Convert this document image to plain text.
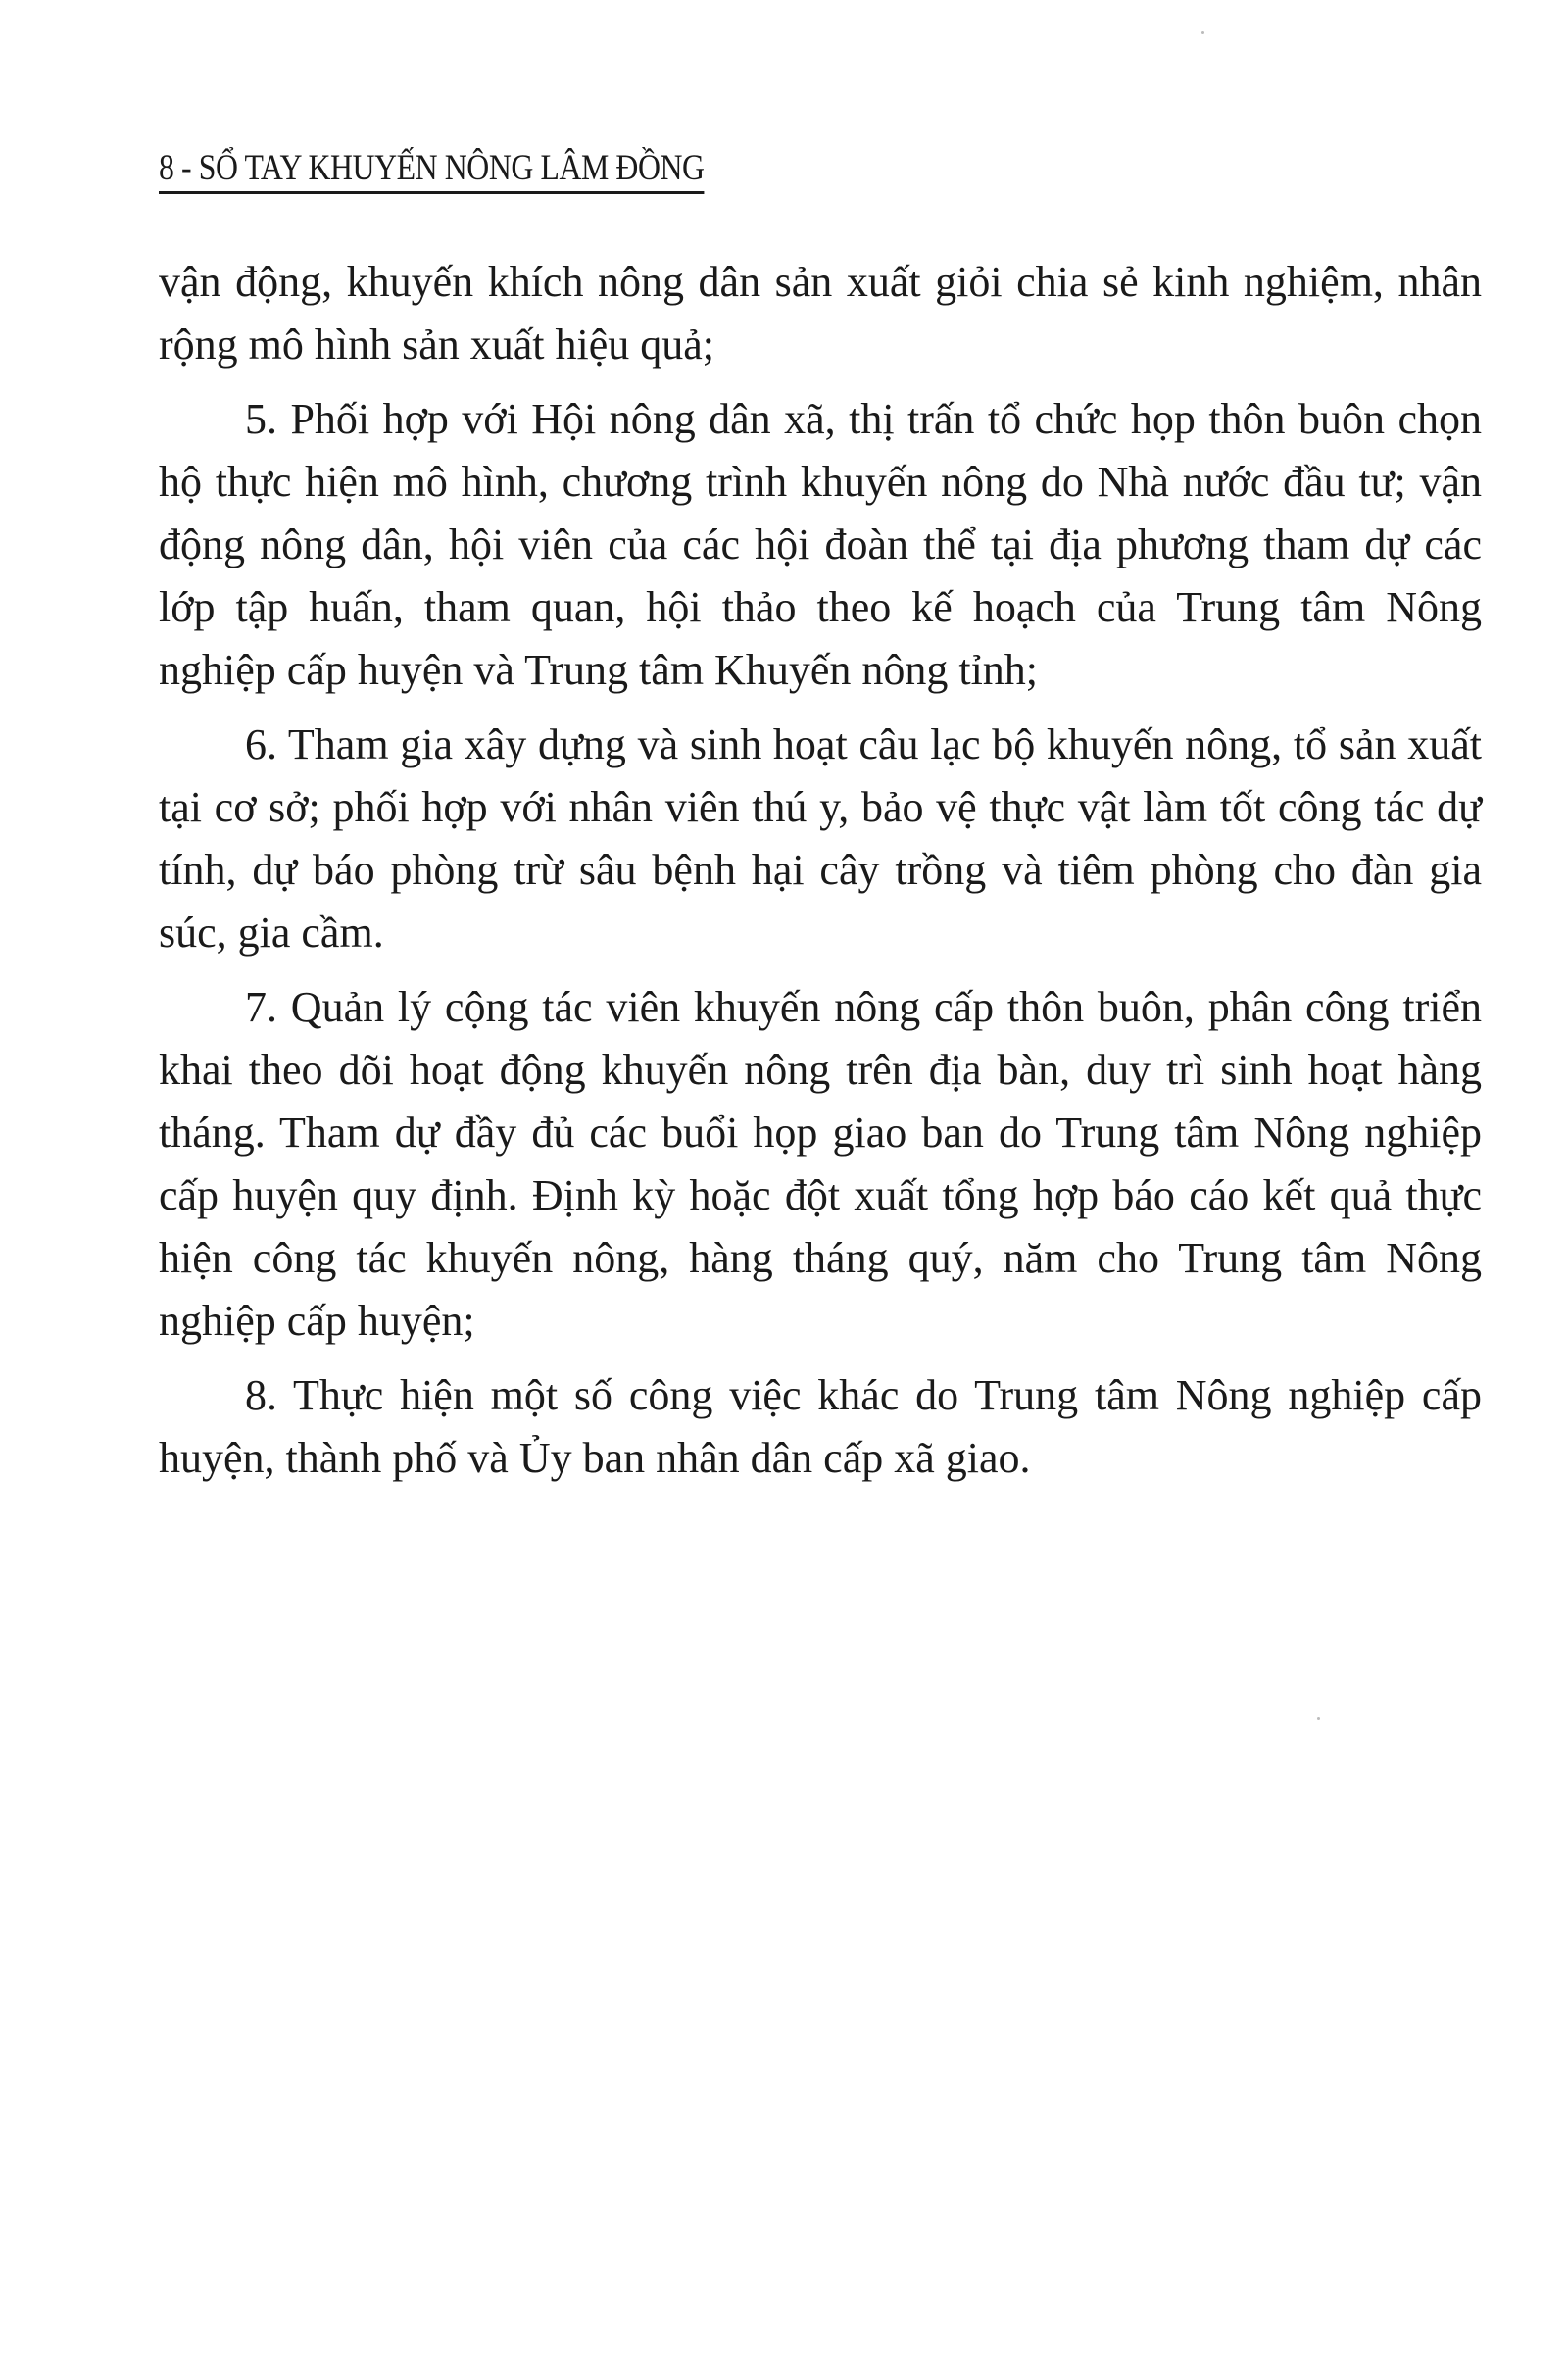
8 - SỔ TAY KHUYẾN NÔNG LÂM ĐỒNG

vận động, khuyến khích nông dân sản xuất giỏi chia sẻ kinh nghiệm, nhân rộng mô hình sản xuất hiệu quả;

5. Phối hợp với Hội nông dân xã, thị trấn tổ chức họp thôn buôn chọn hộ thực hiện mô hình, chương trình khuyến nông do Nhà nước đầu tư; vận động nông dân, hội viên của các hội đoàn thể tại địa phương tham dự các lớp tập huấn, tham quan, hội thảo theo kế hoạch của Trung tâm Nông nghiệp cấp huyện và Trung tâm Khuyến nông tỉnh;

6. Tham gia xây dựng và sinh hoạt câu lạc bộ khuyến nông, tổ sản xuất tại cơ sở; phối hợp với nhân viên thú y, bảo vệ thực vật làm tốt công tác dự tính, dự báo phòng trừ sâu bệnh hại cây trồng và tiêm phòng cho đàn gia súc, gia cầm.

7. Quản lý cộng tác viên khuyến nông cấp thôn buôn, phân công triển khai theo dõi hoạt động khuyến nông trên địa bàn, duy trì sinh hoạt hàng tháng. Tham dự đầy đủ các buổi họp giao ban do Trung tâm Nông nghiệp cấp huyện quy định. Định kỳ hoặc đột xuất tổng hợp báo cáo kết quả thực hiện công tác khuyến nông, hàng tháng quý, năm cho Trung tâm Nông nghiệp cấp huyện;

8. Thực hiện một số công việc khác do Trung tâm Nông nghiệp cấp huyện, thành phố và Ủy ban nhân dân cấp xã giao.
